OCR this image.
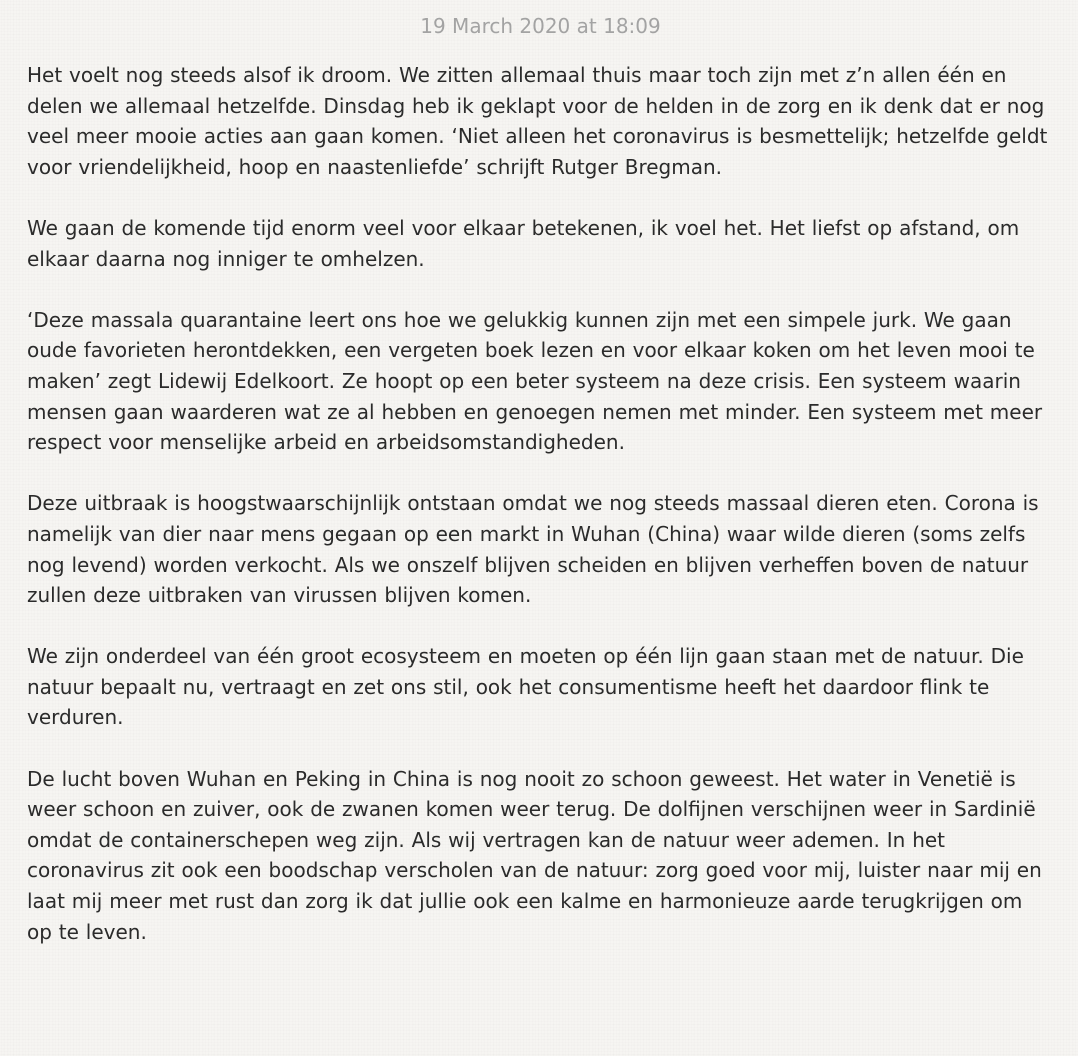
19 March 2020 at 18:09

Het voelt nog steeds alsof ik droom. We zitten allemaal thuis maar toch zijn met z’n allen één en delen we allemaal hetzelfde. Dinsdag heb ik geklapt voor de helden in de zorg en ik denk dat er nog veel meer mooie acties aan gaan komen. ‘Niet alleen het coronavirus is besmettelijk; hetzelfde geldt voor vriendelijkheid, hoop en naastenliefde’ schrijft Rutger Bregman.

We gaan de komende tijd enorm veel voor elkaar betekenen, ik voel het. Het liefst op afstand, om elkaar daarna nog inniger te omhelzen.

‘Deze massala quarantaine leert ons hoe we gelukkig kunnen zijn met een simpele jurk. We gaan oude favorieten herontdekken, een vergeten boek lezen en voor elkaar koken om het leven mooi te maken’ zegt Lidewij Edelkoort. Ze hoopt op een beter systeem na deze crisis. Een systeem waarin mensen gaan waarderen wat ze al hebben en genoegen nemen met minder. Een systeem met meer respect voor menselijke arbeid en arbeidsomstandigheden.

Deze uitbraak is hoogstwaarschijnlijk ontstaan omdat we nog steeds massaal dieren eten. Corona is namelijk van dier naar mens gegaan op een markt in Wuhan (China) waar wilde dieren (soms zelfs nog levend) worden verkocht. Als we onszelf blijven scheiden en blijven verheffen boven de natuur zullen deze uitbraken van virussen blijven komen.

We zijn onderdeel van één groot ecosysteem en moeten op één lijn gaan staan met de natuur. Die natuur bepaalt nu, vertraagt en zet ons stil, ook het consumentisme heeft het daardoor flink te verduren.

De lucht boven Wuhan en Peking in China is nog nooit zo schoon geweest. Het water in Venetië is weer schoon en zuiver, ook de zwanen komen weer terug. De dolfijnen verschijnen weer in Sardinië omdat de containerschepen weg zijn. Als wij vertragen kan de natuur weer ademen. In het coronavirus zit ook een boodschap verscholen van de natuur: zorg goed voor mij, luister naar mij en laat mij meer met rust dan zorg ik dat jullie ook een kalme en harmonieuze aarde terugkrijgen om op te leven.
